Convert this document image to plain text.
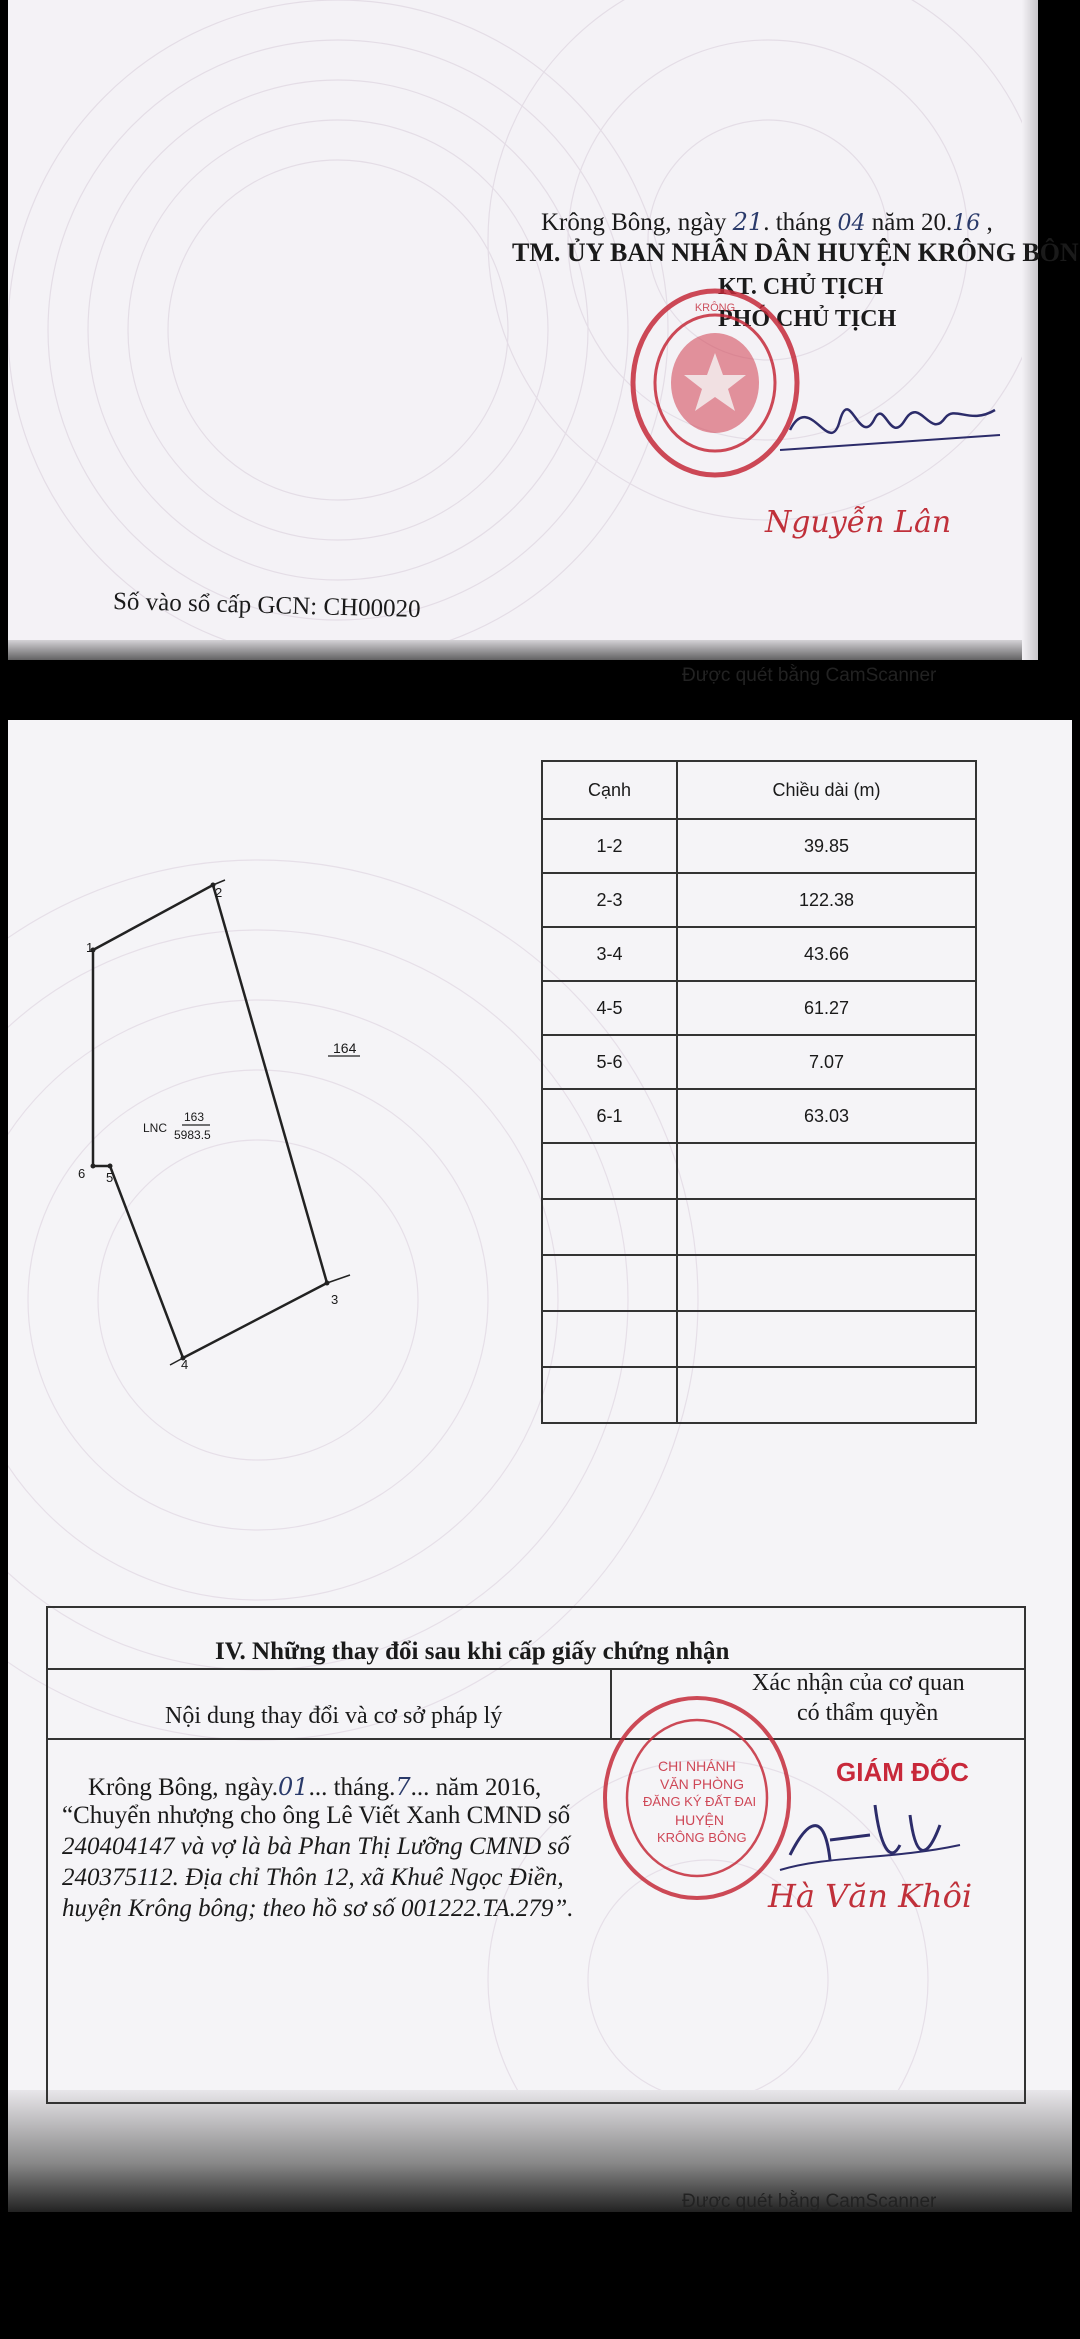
Krông Bông, ngày 21. tháng 04 năm 20.16 ,
TM. ỦY BAN NHÂN DÂN HUYỆN KRÔNG BÔN
KT. CHỦ TỊCH
PHÓ CHỦ TỊCH
KRÔNG
Nguyễn Lân
Số vào sổ cấp GCN: CH00020
Được quét bằng CamScanner
1
2
3
4
5
6
LNC
163
5983.5
164
Cạnh	Chiều dài (m)
1-2	39.85
2-3	122.38
3-4	43.66
4-5	61.27
5-6	7.07
6-1	63.03

IV. Những thay đổi sau khi cấp giấy chứng nhận
Nội dung thay đổi và cơ sở pháp lý
Xác nhận của cơ quan
có thẩm quyền
Krông Bông, ngày.01... tháng.7... năm 2016,
“Chuyển nhượng cho ông Lê Viết Xanh CMND số
240404147 và vợ là bà Phan Thị Lưỡng CMND số
240375112. Địa chỉ Thôn 12, xã Khuê Ngọc Điền,
huyện Krông bông; theo hồ sơ số 001222.TA.279”.
CHI NHÁNH
VĂN PHÒNG
ĐĂNG KÝ ĐẤT ĐAI
HUYỆN
KRÔNG BÔNG
GIÁM ĐỐC
Hà Văn Khôi
Được quét bằng CamScanner
